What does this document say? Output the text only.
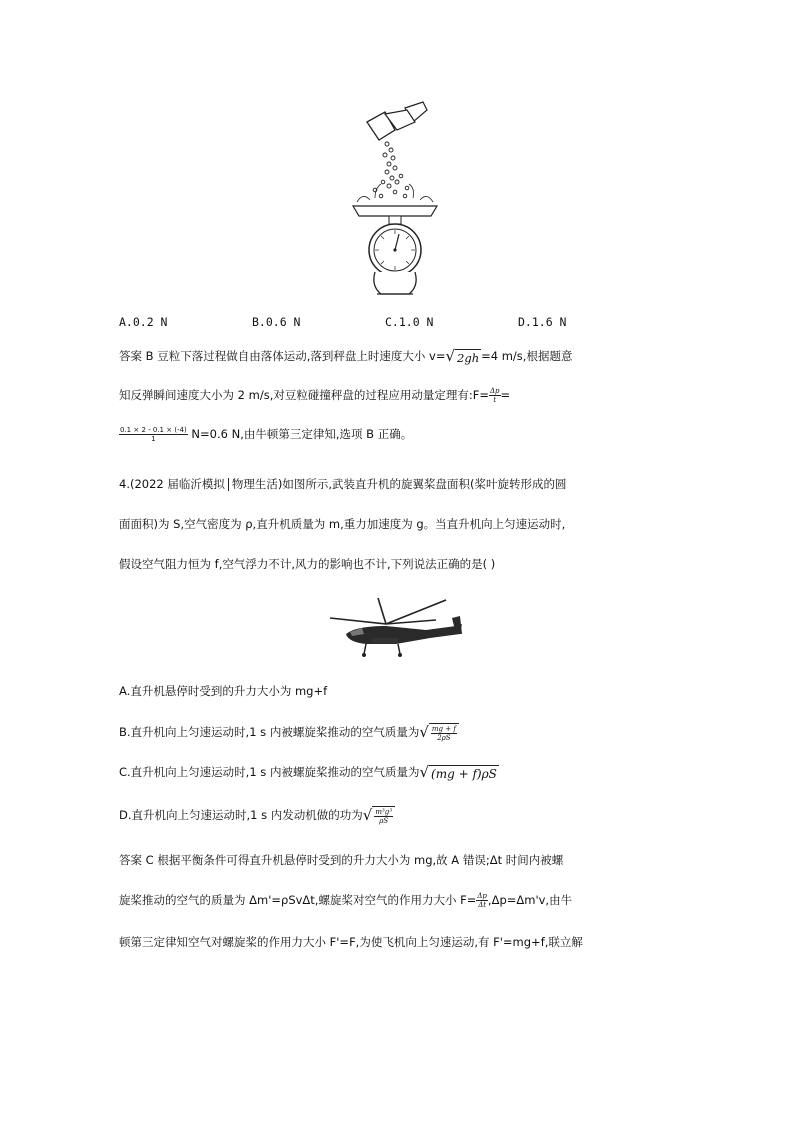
A.0.2 N	B.0.6 N	C.1.0 N	D.1.6 N
答案 B 豆粒下落过程做自由落体运动,落到秤盘上时速度大小 v=√ 2gh =4 m/s,根据题意
知反弹瞬间速度大小为 2 m/s,对豆粒碰撞秤盘的过程应用动量定理有:F= $\frac{\Delta p}{t}$ =
$\frac{0.1 \times 2 - 0.1 \times (-4)}{1} N=0.6$ N,由牛顿第三定律知,选项 B 正确。
4.(2022 届临沂模拟 物理生活)如图所示,武装直升机的旋翼桨盘面积(桨叶旋转形成的圆
面面积)为 S,空气密度为 ρ,直升机质量为 m,重力加速度为 g。当直升机向上匀速运动时,
假设空气阻力恒为 f,空气浮力不计,风力的影响也不计,下列说法正确的是( )
A.直升机悬停时受到的升力大小为 mg+f
B.直升机向上匀速运动时,1 s 内被螺旋桨推动的空气质量为√ $\frac{mg + f}{2\rho S}$
C.直升机向上匀速运动时,1 s 内被螺旋桨推动的空气质量为√ (mg + f)ρS
D.直升机向上匀速运动时,1 s 内发动机做的功为√ $\frac{\text{m³g³}}{\rho S}$
答案 C 根据平衡条件可得直升机悬停时受到的升力大小为 mg,故 A 错误;Δt 时间内被螺
旋桨推动的空气的质量为 Δm'=ρSvΔt,螺旋桨对空气的作用力大小 $F= \frac{\Delta p}{\Delta t} ,\Delta p=\Delta m'v$,由牛
顿第三定律知空气对螺旋桨的作用力大小 F'=F,为使飞机向上匀速运动,有 F'=mg+f,联立解
